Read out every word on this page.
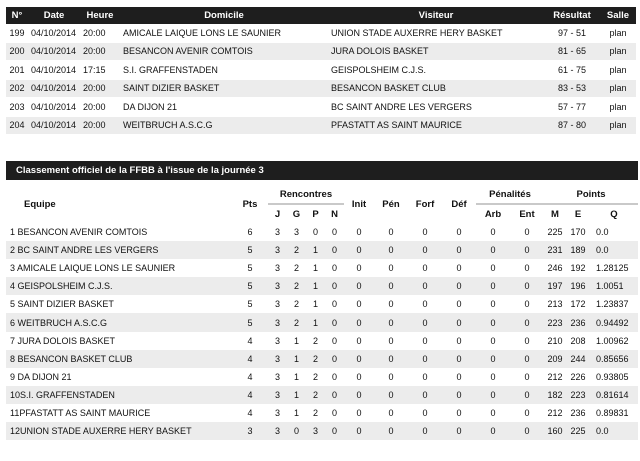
N°	Date	Heure	Domicile	Visiteur	Résultat	Salle
199	04/10/2014	20:00	AMICALE LAIQUE LONS LE SAUNIER	UNION STADE AUXERRE HERY BASKET	97 - 51	plan
200	04/10/2014	20:00	BESANCON AVENIR COMTOIS	JURA DOLOIS BASKET	81 - 65	plan
201	04/10/2014	17:15	S.I. GRAFFENSTADEN	GEISPOLSHEIM C.J.S.	61 - 75	plan
202	04/10/2014	20:00	SAINT DIZIER BASKET	BESANCON BASKET CLUB	83 - 53	plan
203	04/10/2014	20:00	DA DIJON 21	BC SAINT ANDRE LES VERGERS	57 - 77	plan
204	04/10/2014	20:00	WEITBRUCH A.S.C.G	PFASTATT AS SAINT MAURICE	87 - 80	plan
Classement officiel de la FFBB à l'issue de la journée 3
Equipe	Pts	Rencontres				Init	Pén	Forf	Déf	Pénalités		Points		
		J	G	P	N					Arb	Ent	M	E	Q
1 BESANCON AVENIR COMTOIS	6	3	3	0	0	0	0	0	0	0	0	225	170	0.0
2 BC SAINT ANDRE LES VERGERS	5	3	2	1	0	0	0	0	0	0	0	231	189	0.0
3 AMICALE LAIQUE LONS LE SAUNIER	5	3	2	1	0	0	0	0	0	0	0	246	192	1.28125
4 GEISPOLSHEIM C.J.S.	5	3	2	1	0	0	0	0	0	0	0	197	196	1.0051
5 SAINT DIZIER BASKET	5	3	2	1	0	0	0	0	0	0	0	213	172	1.23837
6 WEITBRUCH A.S.C.G	5	3	2	1	0	0	0	0	0	0	0	223	236	0.94492
7 JURA DOLOIS BASKET	4	3	1	2	0	0	0	0	0	0	0	210	208	1.00962
8 BESANCON BASKET CLUB	4	3	1	2	0	0	0	0	0	0	0	209	244	0.85656
9 DA DIJON 21	4	3	1	2	0	0	0	0	0	0	0	212	226	0.93805
10S.I. GRAFFENSTADEN	4	3	1	2	0	0	0	0	0	0	0	182	223	0.81614
11PFASTATT AS SAINT MAURICE	4	3	1	2	0	0	0	0	0	0	0	212	236	0.89831
12UNION STADE AUXERRE HERY BASKET	3	3	0	3	0	0	0	0	0	0	0	160	225	0.0
